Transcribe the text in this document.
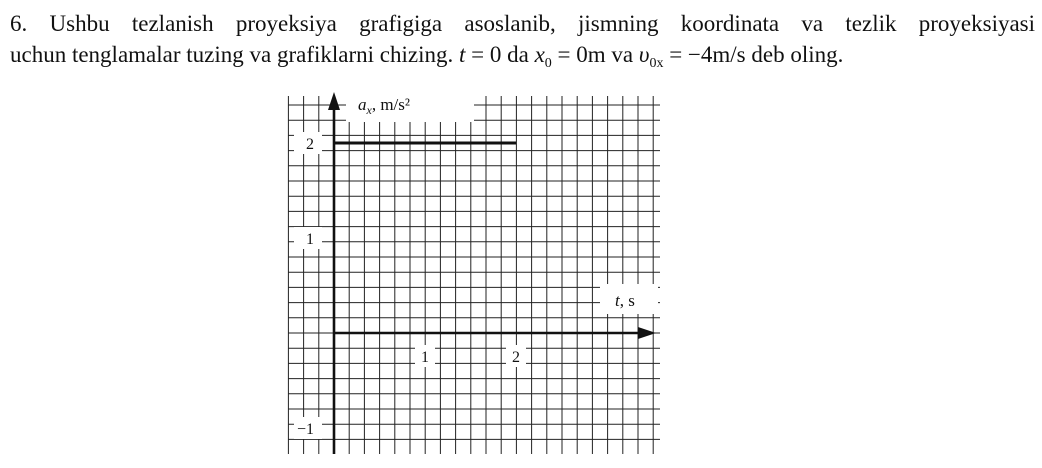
6. Ushbu tezlanish proyeksiya grafigiga asoslanib, jismning koordinata va tezlik proyeksiyasi

uchun tenglamalar tuzing va grafiklarni chizing. t = 0 da $x_0 = 0m$ va $\upsilon_{0x} = -4m/s$ deb oling.

$a_x$, m/s²
t, s
1	2
2
1
−1
